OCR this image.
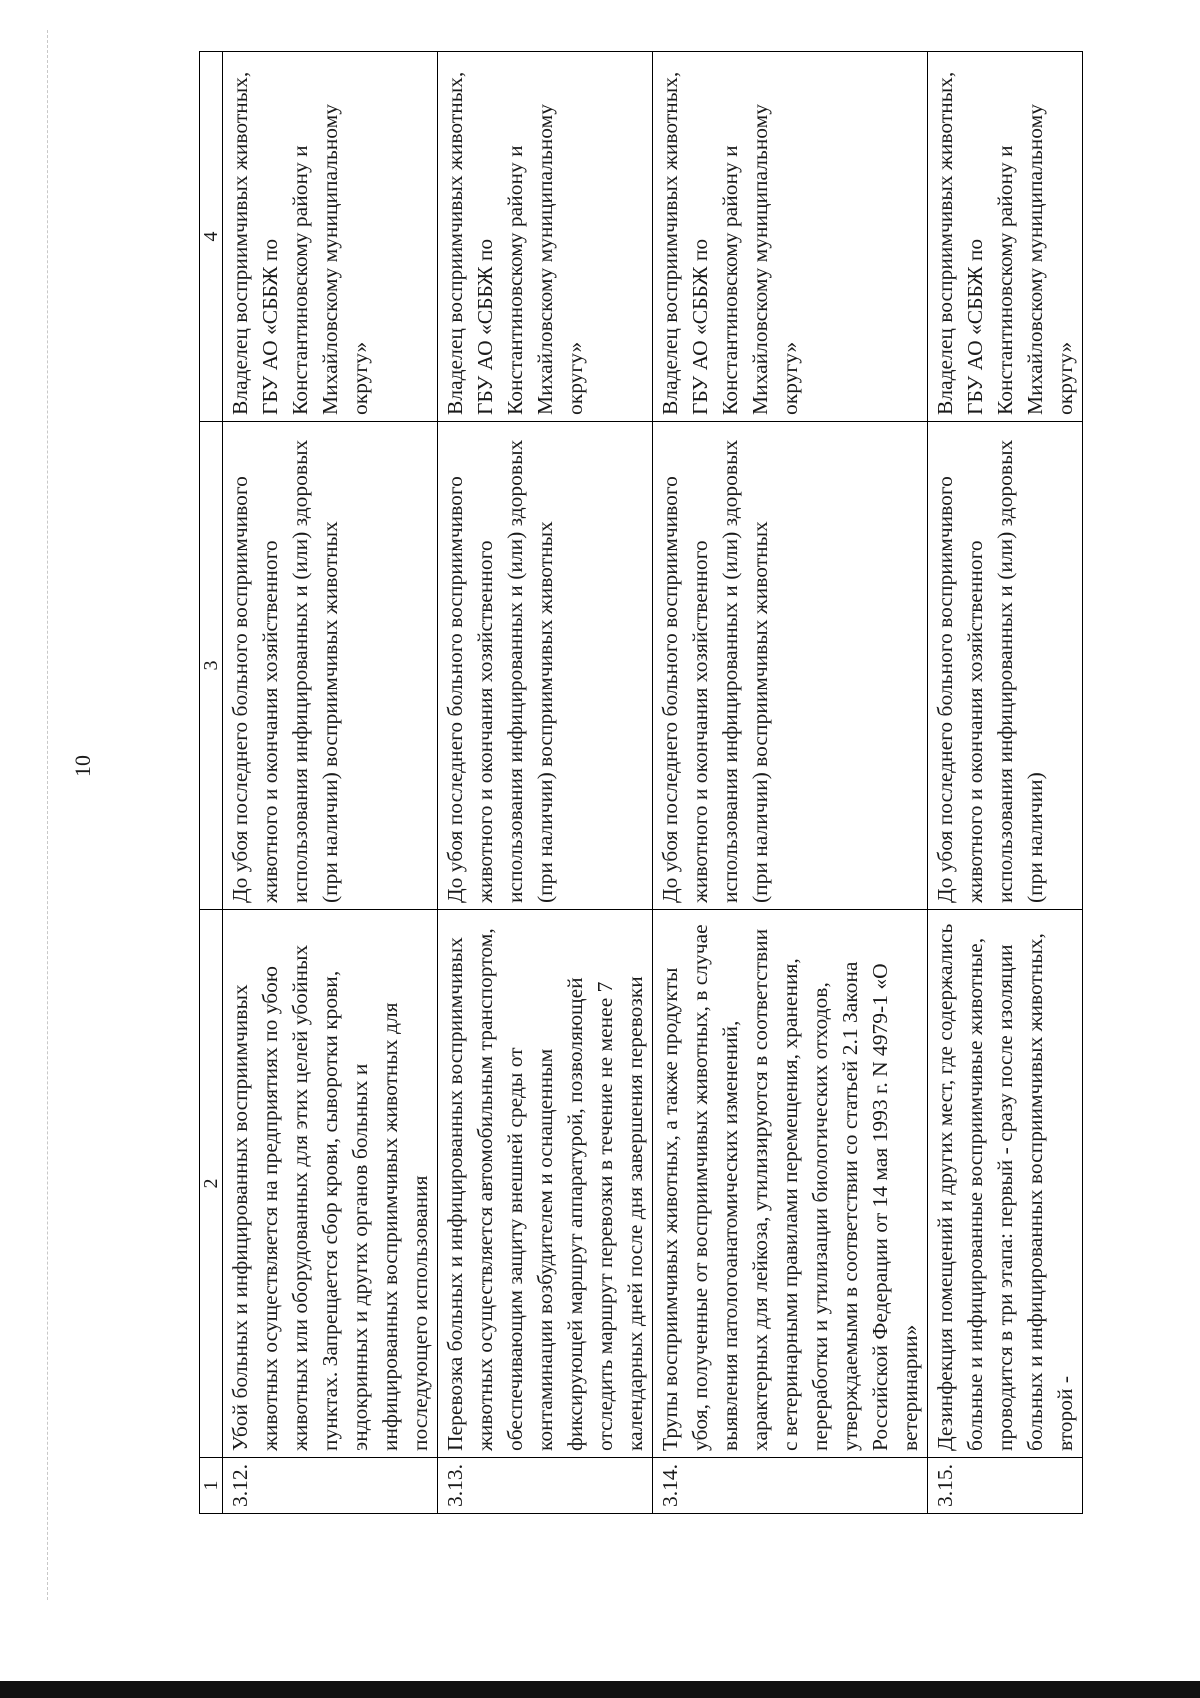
10
1	2	3	4
3.12.	Убой больных и инфицированных восприимчивых животных осуществляется на предприятиях по убою животных или оборудованных для этих целей убойных пунктах. Запрещается сбор крови, сыворотки крови, эндокринных и других органов больных и инфицированных восприимчивых животных для последующего использования	До убоя последнего больного восприимчивого животного и окончания хозяйственного использования инфицированных и (или) здоровых (при наличии) восприимчивых животных	Владелец восприимчивых животных, ГБУ АО «СББЖ по Константиновскому району и Михайловскому муниципальному округу»
3.13.	Перевозка больных и инфицированных восприимчивых животных осуществляется автомобильным транспортом, обеспечивающим защиту внешней среды от контаминации возбудителем и оснащенным фиксирующей маршрут аппаратурой, позволяющей отследить маршрут перевозки в течение не менее 7 календарных дней после дня завершения перевозки	До убоя последнего больного восприимчивого животного и окончания хозяйственного использования инфицированных и (или) здоровых (при наличии) восприимчивых животных	Владелец восприимчивых животных, ГБУ АО «СББЖ по Константиновскому району и Михайловскому муниципальному округу»
3.14.	Трупы восприимчивых животных, а также продукты убоя, полученные от восприимчивых животных, в случае выявления патологоанатомических изменений, характерных для лейкоза, утилизируются в соответствии с ветеринарными правилами перемещения, хранения, переработки и утилизации биологических отходов, утверждаемыми в соответствии со статьей 2.1 Закона Российской Федерации от 14 мая 1993 г. N 4979-1 «О ветеринарии»	До убоя последнего больного восприимчивого животного и окончания хозяйственного использования инфицированных и (или) здоровых (при наличии) восприимчивых животных	Владелец восприимчивых животных, ГБУ АО «СББЖ по Константиновскому району и Михайловскому муниципальному округу»
3.15.	Дезинфекция помещений и других мест, где содержались больные и инфицированные восприимчивые животные, проводится в три этапа: первый - сразу после изоляции больных и инфицированных восприимчивых животных, второй -	До убоя последнего больного восприимчивого животного и окончания хозяйственного использования инфицированных и (или) здоровых (при наличии)	Владелец восприимчивых животных, ГБУ АО «СББЖ по Константиновскому району и Михайловскому муниципальному округу»
